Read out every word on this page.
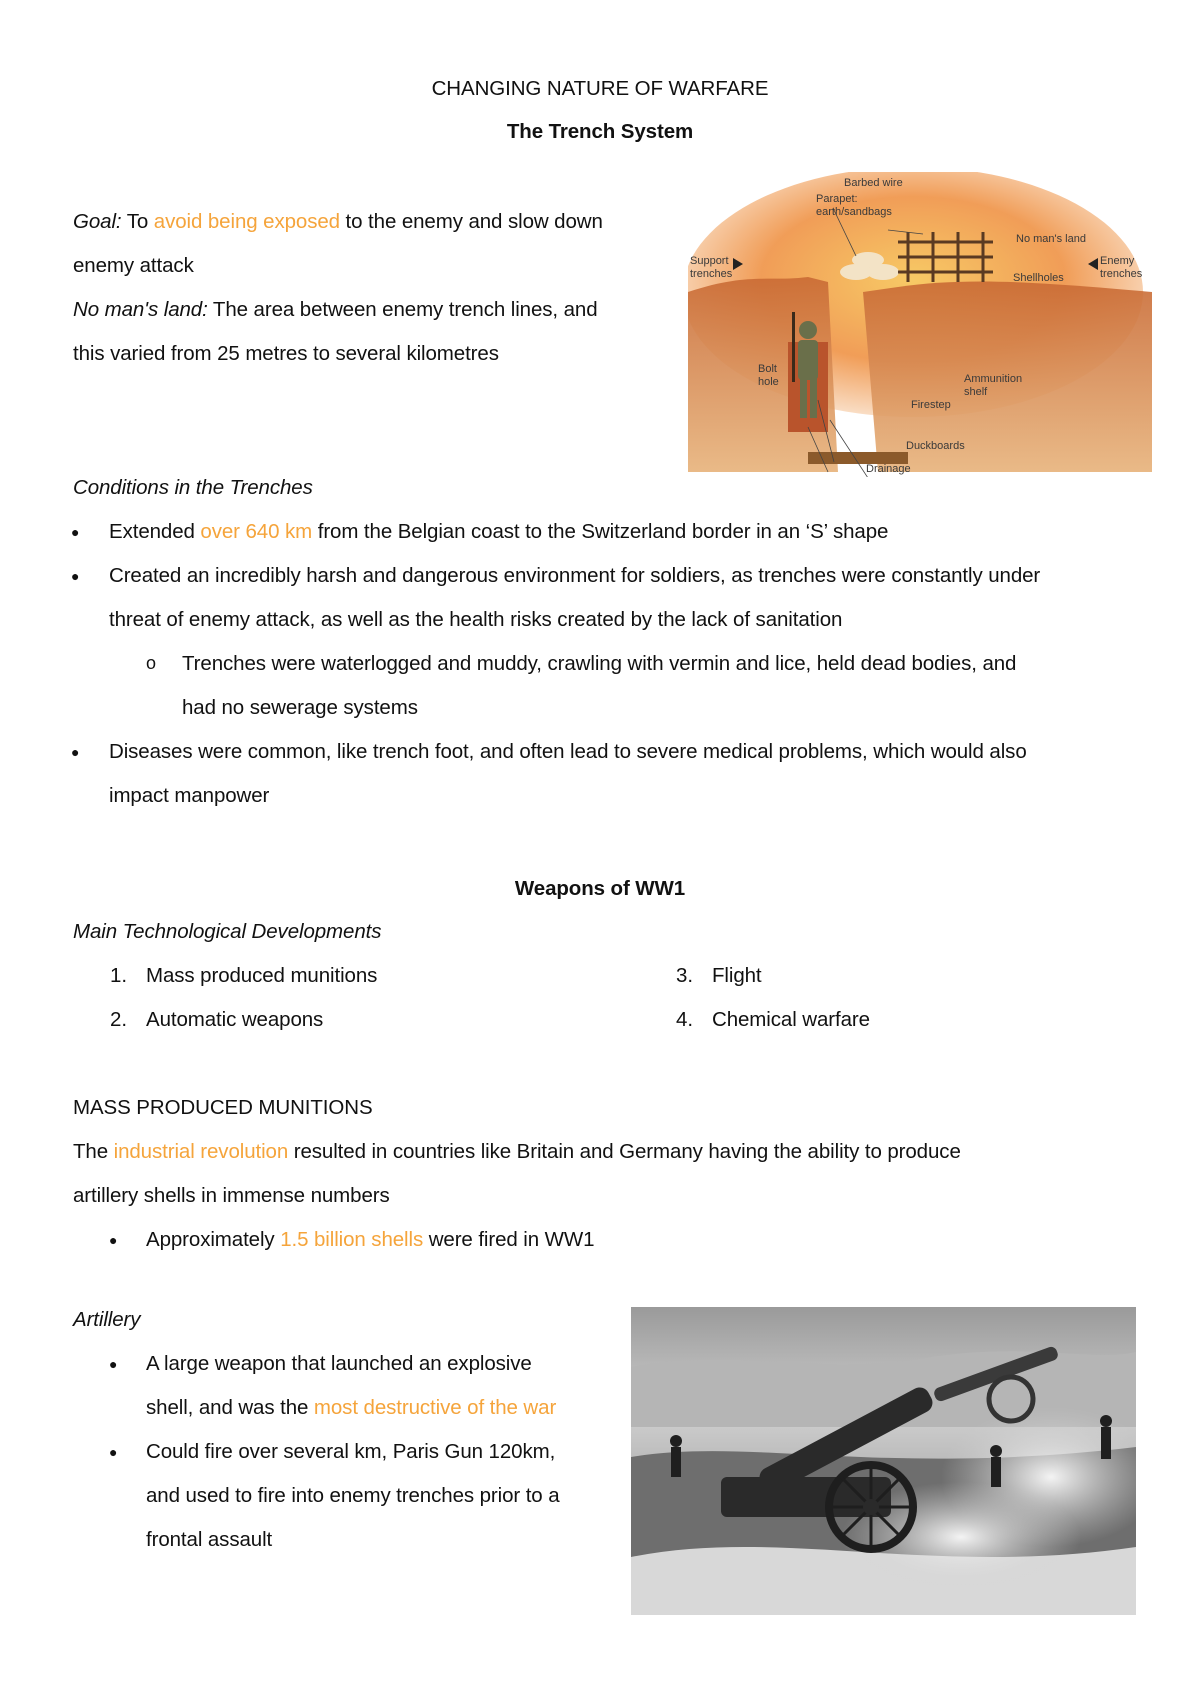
CHANGING NATURE OF WARFARE
The Trench System
Goal: To avoid being exposed to the enemy and slow down
enemy attack
No man's land: The area between enemy trench lines, and
this varied from 25 metres to several kilometres
Barbed wire
Parapet:
earth/sandbags
No man's land
Support
trenches
Enemy
trenches
Shellholes
Bolt
hole	Ammunition
shelf
Firestep
Duckboards
Drainage
Conditions in the Trenches
● Extended over 640 km from the Belgian coast to the Switzerland border in an ‘S’ shape
● Created an incredibly harsh and dangerous environment for soldiers, as trenches were constantly under
threat of enemy attack, as well as the health risks created by the lack of sanitation
o Trenches were waterlogged and muddy, crawling with vermin and lice, held dead bodies, and
had no sewerage systems
● Diseases were common, like trench foot, and often lead to severe medical problems, which would also
impact manpower
Weapons of WW1
Main Technological Developments
1. Mass produced munitions
2. Automatic weapons
3. Flight
4. Chemical warfare
MASS PRODUCED MUNITIONS
The industrial revolution resulted in countries like Britain and Germany having the ability to produce
artillery shells in immense numbers
● Approximately 1.5 billion shells were fired in WW1
Artillery
● A large weapon that launched an explosive
shell, and was the most destructive of the war
● Could fire over several km, Paris Gun 120km,
and used to fire into enemy trenches prior to a
frontal assault
